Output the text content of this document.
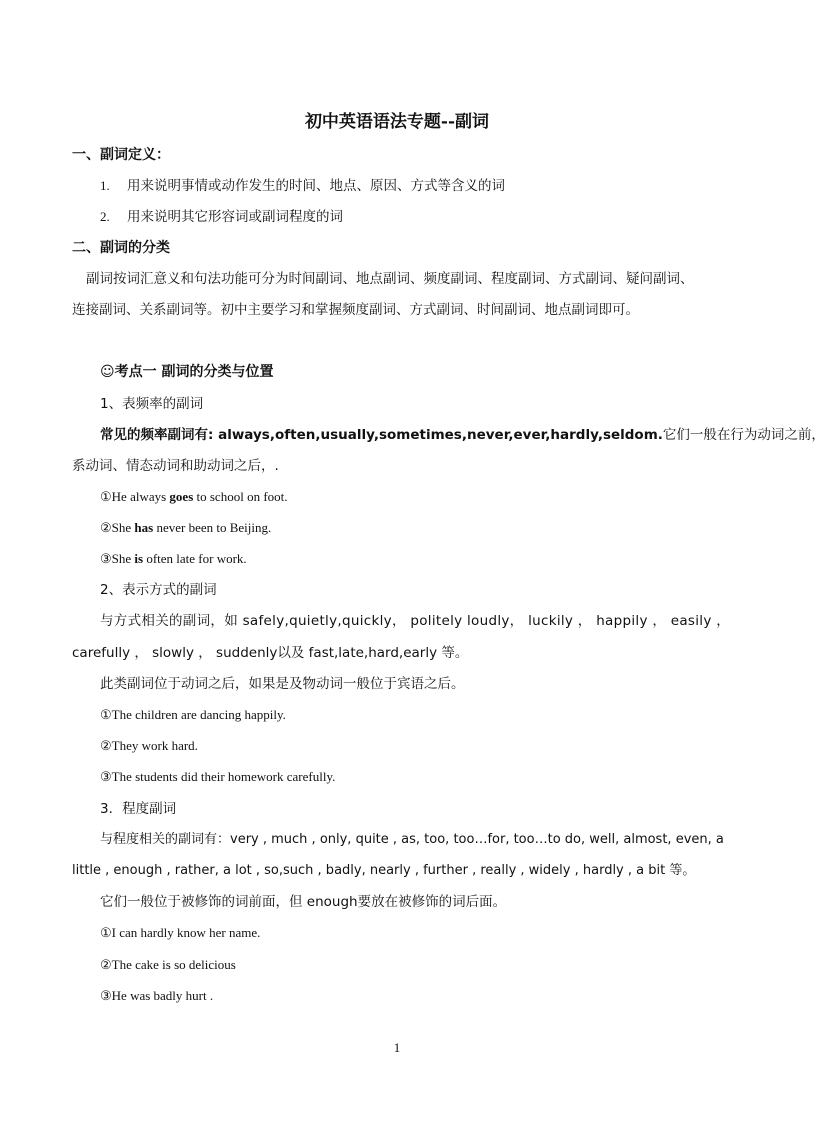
初中英语语法专题--副词
一、副词定义：
1. 用来说明事情或动作发生的时间、地点、原因、方式等含义的词
2. 用来说明其它形容词或副词程度的词
二、副词的分类
副词按词汇意义和句法功能可分为时间副词、地点副词、频度副词、程度副词、方式副词、疑问副词、
连接副词、关系副词等。初中主要学习和掌握频度副词、方式副词、时间副词、地点副词即可。
☺考点一 副词的分类与位置
1、表频率的副词
常见的频率副词有: always,often,usually,sometimes,never,ever,hardly,seldom.它们一般在行为动词之前，
系动词、情态动词和助动词之后，.
①He always goes to school on foot.
②She has never been to Beijing.
③She is often late for work.
2、表示方式的副词
与方式相关的副词，如 safely,quietly,quickly， politely loudly， luckily ， happily ， easily ，
carefully ， slowly ， suddenly以及 fast,late,hard,early 等。
此类副词位于动词之后，如果是及物动词一般位于宾语之后。
①The children are dancing happily.
②They work hard.
③The students did their homework carefully.
3．程度副词
与程度相关的副词有：very , much , only, quite , as, too, too…for, too…to do, well, almost, even, a
little , enough , rather, a lot , so,such , badly, nearly , further , really , widely , hardly , a bit 等。
它们一般位于被修饰的词前面，但 enough要放在被修饰的词后面。
①I can hardly know her name.
②The cake is so delicious
③He was badly hurt .
1
